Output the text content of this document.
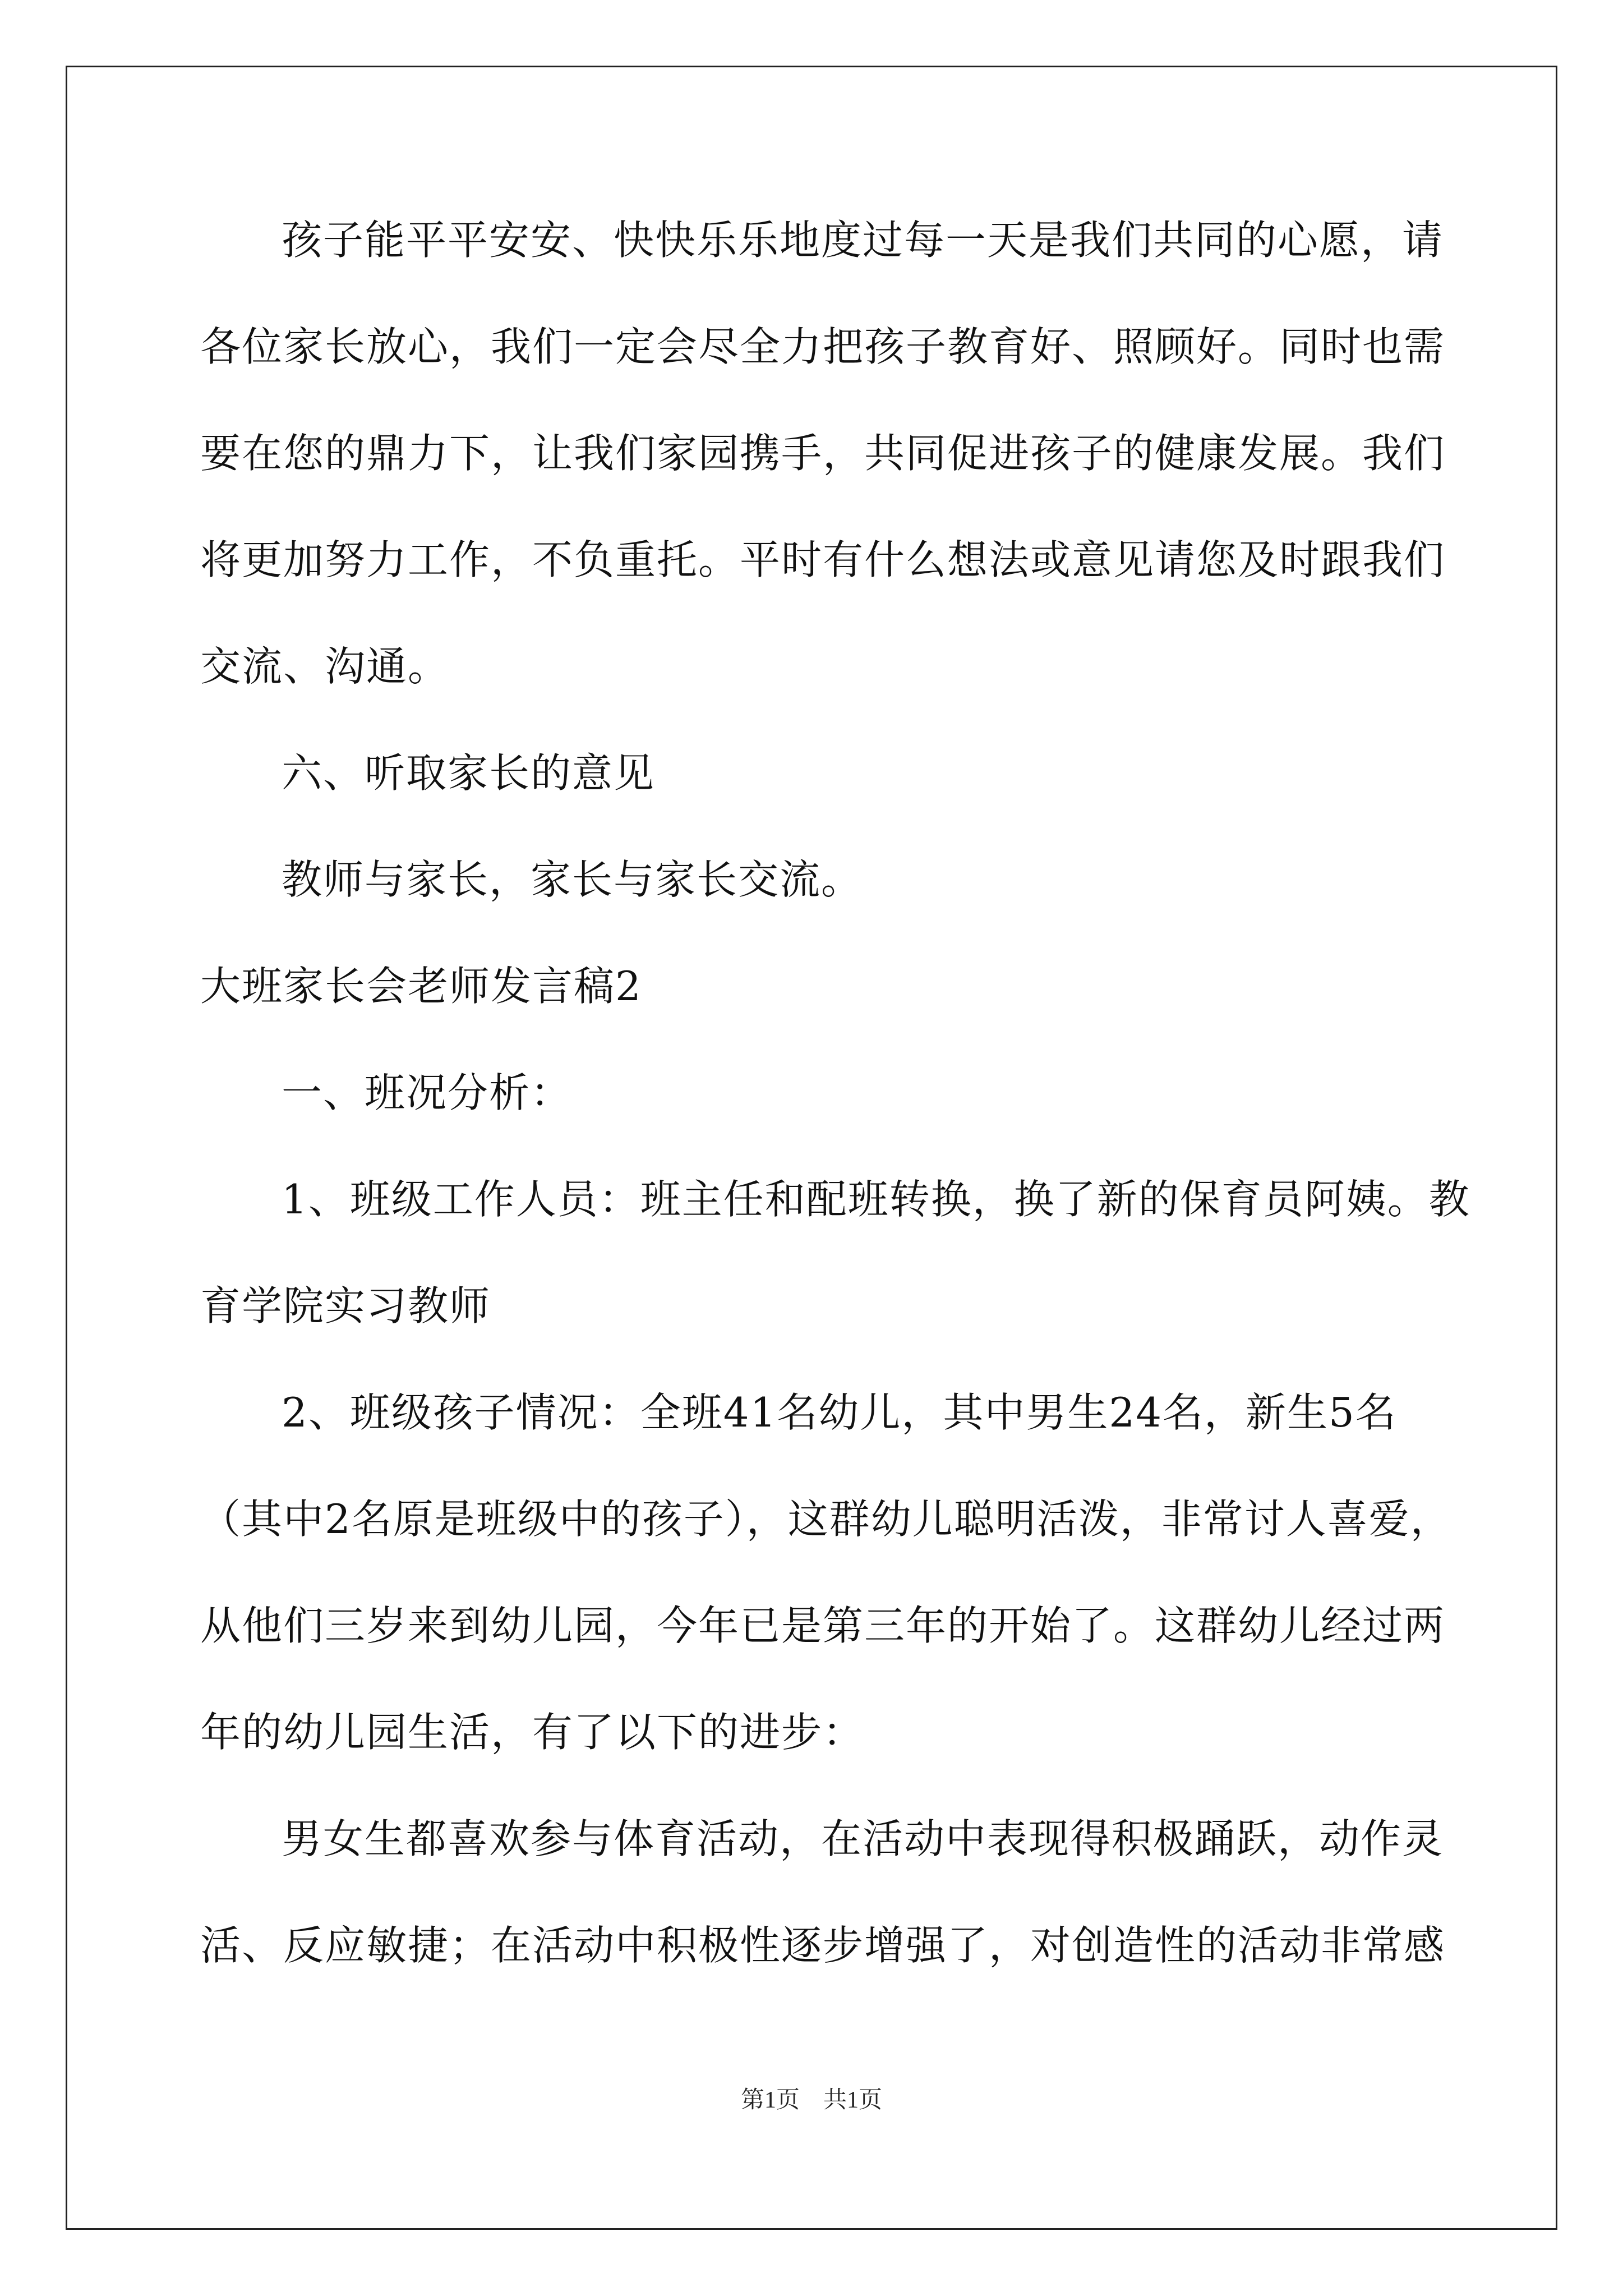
孩子能平平安安、快快乐乐地度过每一天是我们共同的心愿，请
各位家长放心，我们一定会尽全力把孩子教育好、照顾好。同时也需
要在您的鼎力下，让我们家园携手，共同促进孩子的健康发展。我们
将更加努力工作，不负重托。平时有什么想法或意见请您及时跟我们
交流、沟通。
六、听取家长的意见
教师与家长，家长与家长交流。
大班家长会老师发言稿2
一、班况分析：
1、班级工作人员：班主任和配班转换，换了新的保育员阿姨。教
育学院实习教师
2、班级孩子情况：全班41名幼儿，其中男生24名，新生5名
（其中2名原是班级中的孩子），这群幼儿聪明活泼，非常讨人喜爱，
从他们三岁来到幼儿园，今年已是第三年的开始了。这群幼儿经过两
年的幼儿园生活，有了以下的进步：
男女生都喜欢参与体育活动，在活动中表现得积极踊跃，动作灵
活、反应敏捷；在活动中积极性逐步增强了，对创造性的活动非常感
第1页 共1页
